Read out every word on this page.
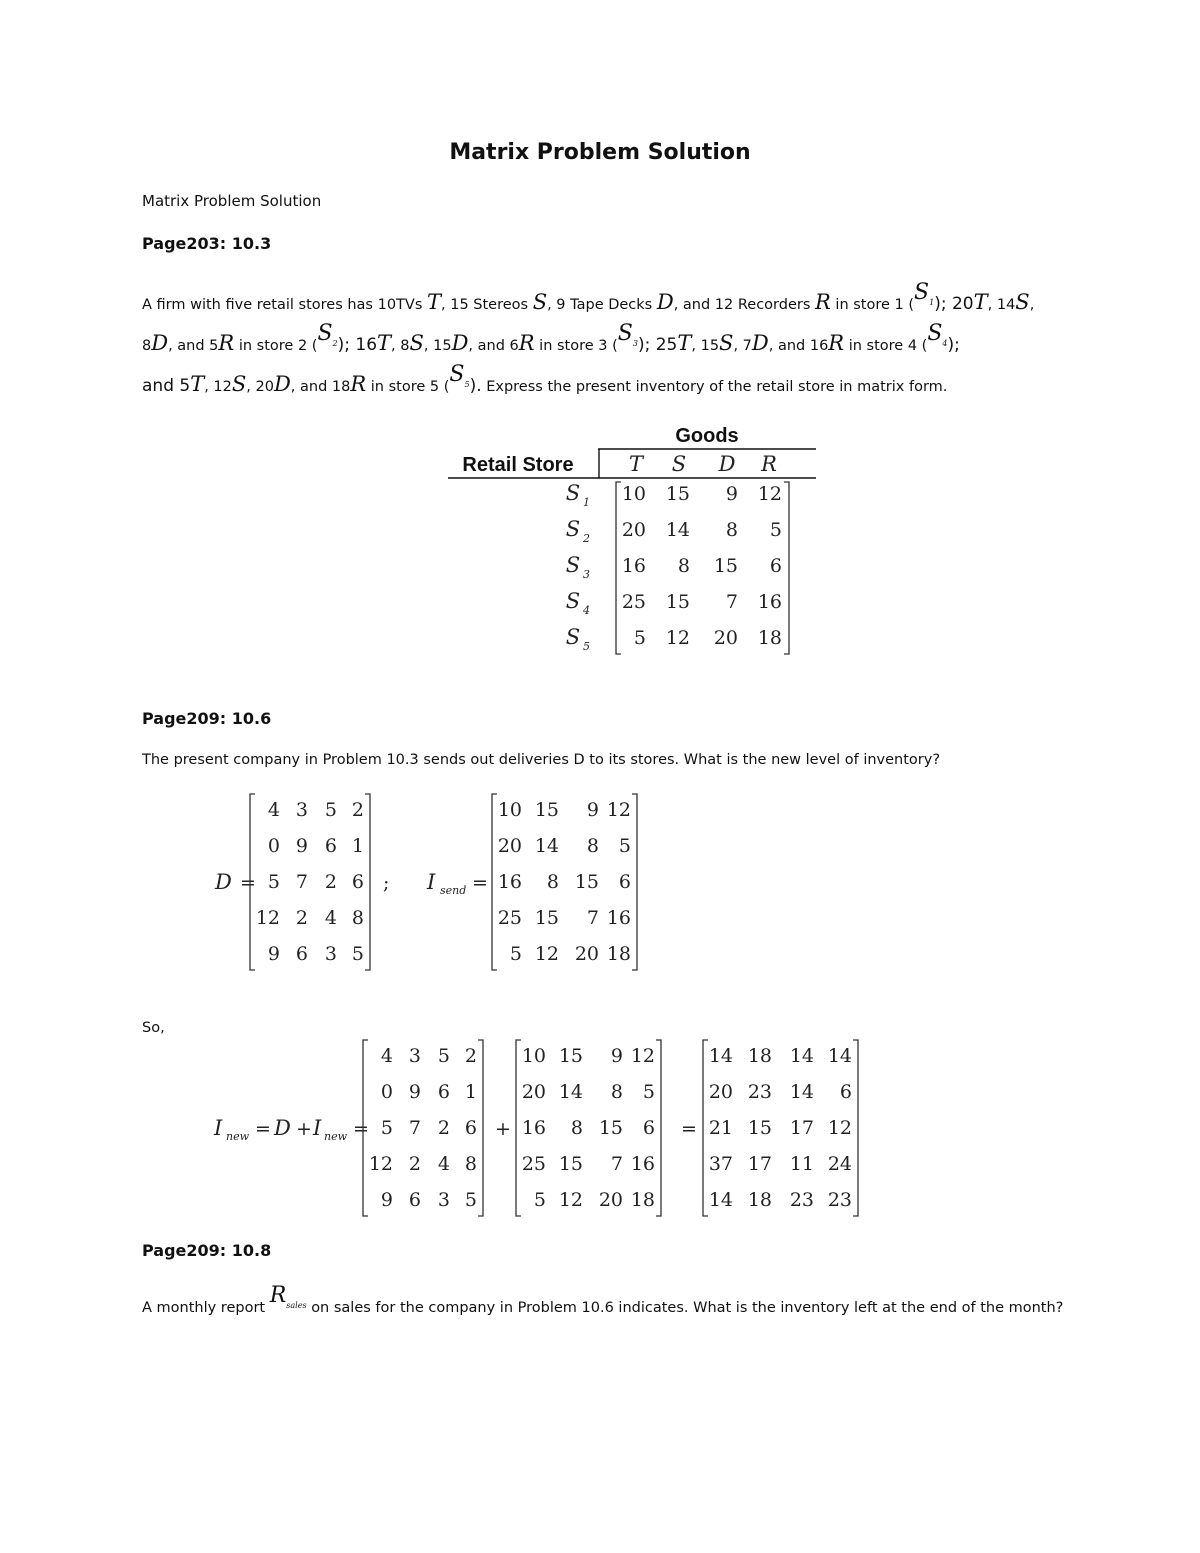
Matrix Problem Solution
Matrix Problem Solution
Page203: 10.3
A firm with five retail stores has 10TVs T, 15 Stereos S, 9 Tape Decks D, and 12 Recorders R in store 1 $(S^1)$; 20T, 14S,
8D, and 5R in store 2 $(S^2)$; 16T, 8S, 15D, and 6R in store 3 $(S^3)$; 25T, 15S, 7D, and 16R in store 4 $(S^4)$;
and 5T, 12S, 20D, and 18R in store 5 $(S^5)$. Express the present inventory of the retail store in matrix form.
Goods
Retail Store	T S D R
S 1 10 15 9 12
S 2 20 14 8 5
S 3 16 8 15 6
S 4 25 15 7 16
S 5 5 12 20 18
D =
4 3 5 2
0 9 6 1
5 7 2 6
12 2 4 8
9 6 3 5
; I send =
10 15 9 12
20 14 8 5
16 8 15 6
25 15 7 16
5 12 20 18
I new = D + I new =
4 3 5 2
0 9 6 1
5 7 2 6
12 2 4 8
9 6 3 5
+
10 15 9 12
20 14 8 5
16 8 15 6
25 15 7 16
5 12 20 18
=
14 18 14 14
20 23 14 6
21 15 17 12
37 17 11 24
14 18 23 23
Page209: 10.6
The present company in Problem 10.3 sends out deliveries D to its stores. What is the new level of inventory?
So,
Page209: 10.8
A monthly report $R^{sales}$ on sales for the company in Problem 10.6 indicates. What is the inventory left at the end of the month?
